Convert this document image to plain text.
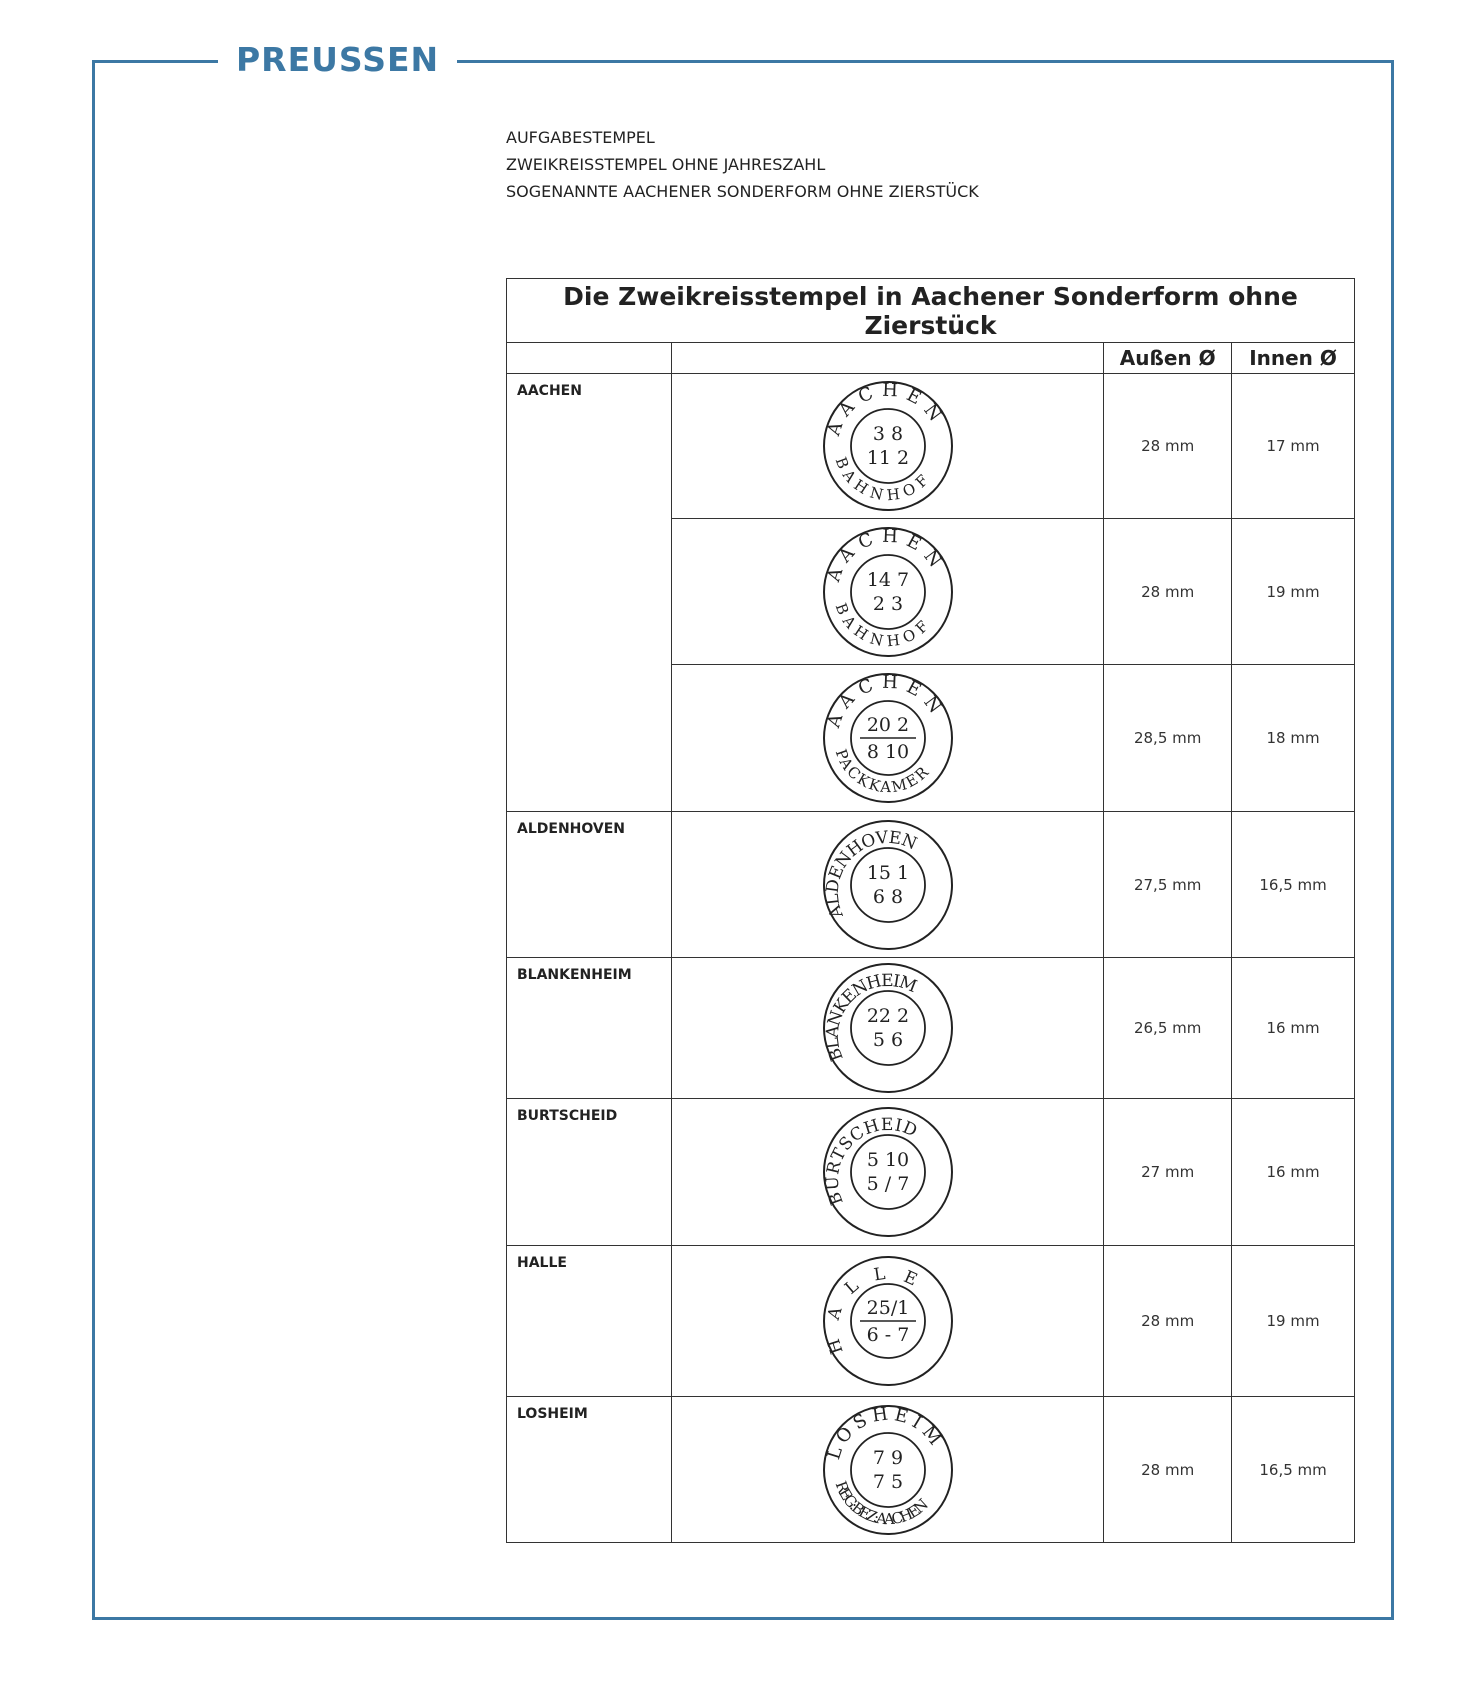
PREUSSEN
AUFGABESTEMPEL
ZWEIKREISSTEMPEL OHNE JAHRESZAHL
SOGENANNTE AACHENER SONDERFORM OHNE ZIERSTÜCK
Die Zweikreisstempel in Aachener Sonderform ohne Zierstück			
		Außen Ø	Innen Ø
AACHEN	AACHEN
BAHNHOF
3 8
11 2	28 mm	17 mm

AACHEN
BAHNHOF
14 7
2 3	28 mm	19 mm

AACHEN
PACKKAMER
20 2
8 10	28,5 mm	18 mm
ALDENHOVEN	ALDENHOVEN
15 1
6 8	27,5 mm	16,5 mm
BLANKENHEIM	BLANKENHEIM
22 2
5 6	26,5 mm	16 mm
BURTSCHEID	BURTSCHEID
5 10
5 / 7	27 mm	16 mm
HALLE	HALLE
25/1
6 - 7	28 mm	19 mm
LOSHEIM	LOSHEIM
REG:BEZ:AACHEN
7 9
7 5	28 mm	16,5 mm
